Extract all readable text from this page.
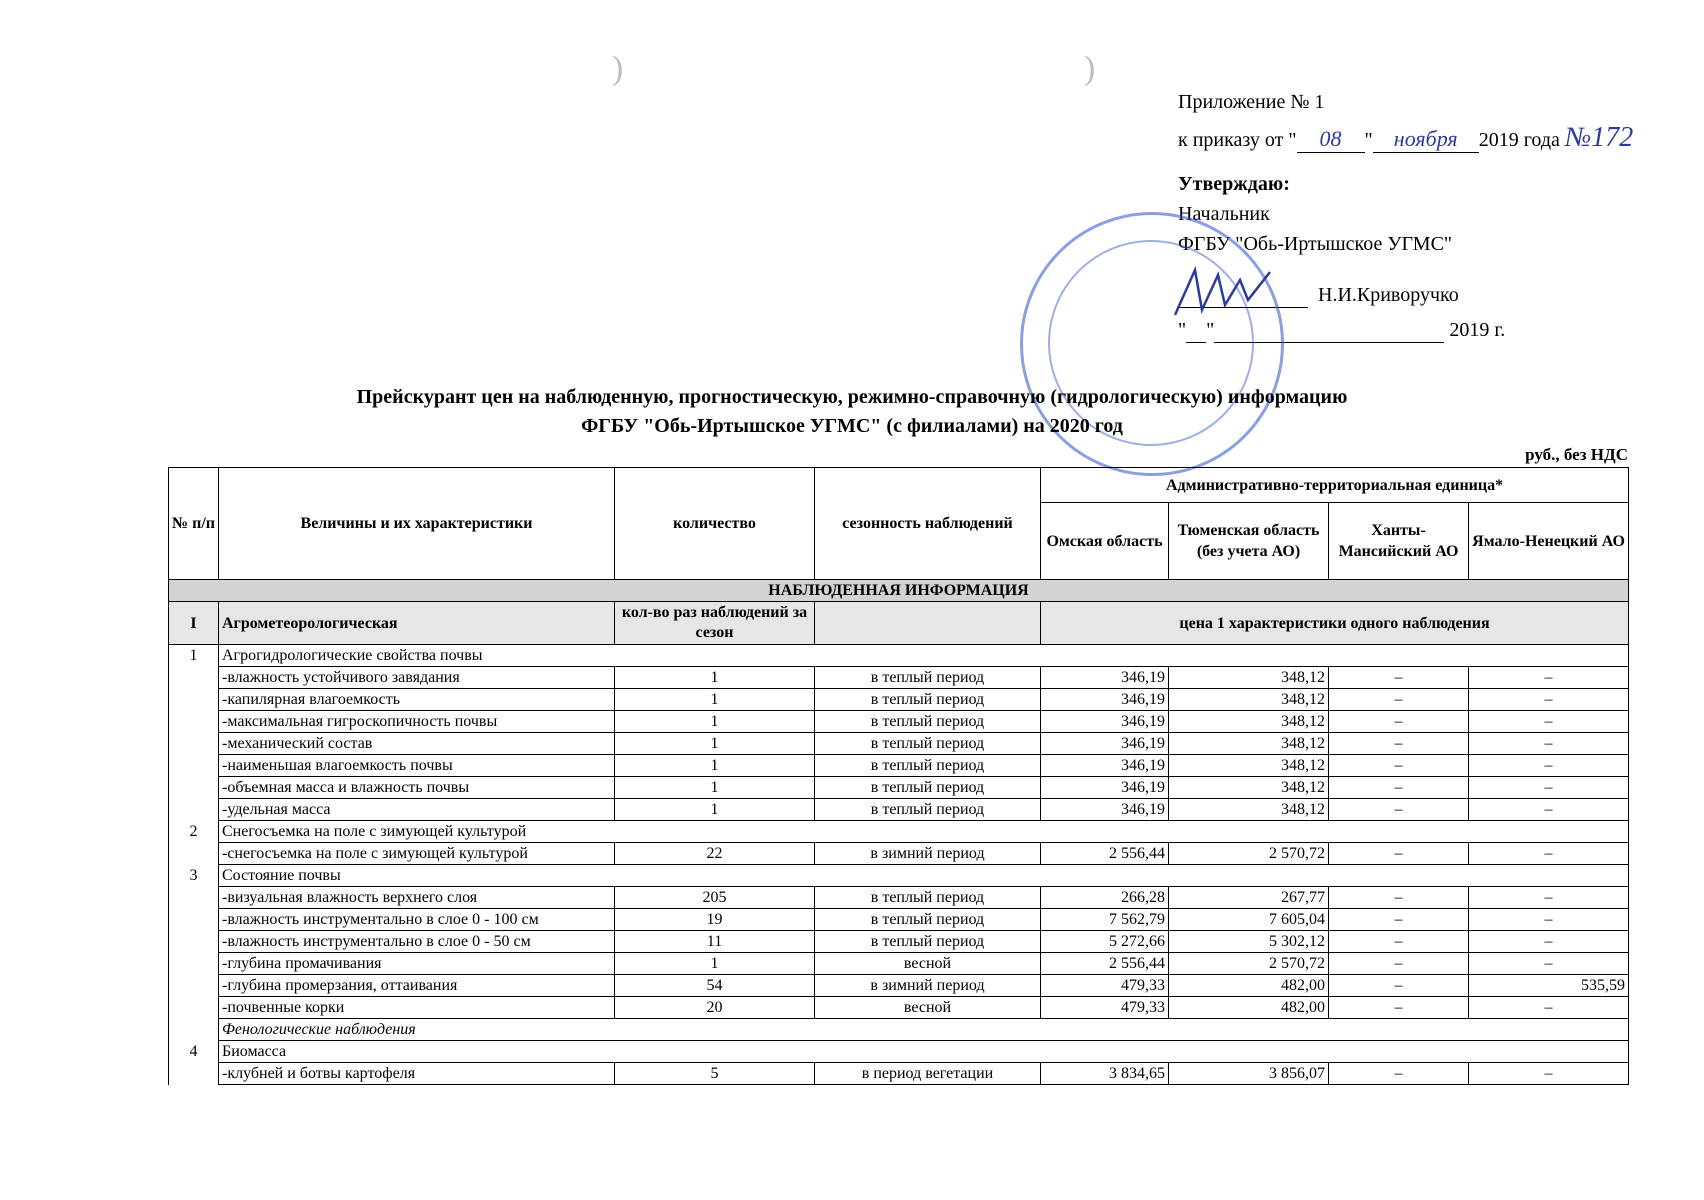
)	)
Приложение № 1
к приказу от " 08 " ноября 2019 года №172
Утверждаю:
Начальник
ФГБУ "Обь-Иртышское УГМС"
Н.И.Криворучко
" "	2019 г.
Прейскурант цен на наблюденную, прогностическую, режимно-справочную (гидрологическую) информацию
ФГБУ "Обь-Иртышское УГМС" (с филиалами) на 2020 год
руб., без НДС
№ п/п	Величины и их характеристики	количество	сезонность наблюдений	Административно-территориальная единица*			
				Омская область	Тюменская область (без учета АО)	Ханты-Мансийский АО	Ямало-Ненецкий АО
НАБЛЮДЕННАЯ ИНФОРМАЦИЯ							
I	Агрометеорологическая	кол-во раз наблюдений за сезон		цена 1 характеристики одного наблюдения			
1	Агрогидрологические свойства почвы						
	-влажность устойчивого завядания	1	в теплый период	346,19	348,12	–	–
	-капилярная влагоемкость	1	в теплый период	346,19	348,12	–	–
	-максимальная гигроскопичность почвы	1	в теплый период	346,19	348,12	–	–
	-механический состав	1	в теплый период	346,19	348,12	–	–
	-наименьшая влагоемкость почвы	1	в теплый период	346,19	348,12	–	–
	-объемная масса и влажность почвы	1	в теплый период	346,19	348,12	–	–
	-удельная масса	1	в теплый период	346,19	348,12	–	–
2	Снегосъемка на поле с зимующей культурой						
	-снегосъемка на поле с зимующей культурой	22	в зимний период	2 556,44	2 570,72	–	–
3	Состояние почвы						
	-визуальная влажность верхнего слоя	205	в теплый период	266,28	267,77	–	–
	-влажность инструментально в слое 0 - 100 см	19	в теплый период	7 562,79	7 605,04	–	–
	-влажность инструментально в слое 0 - 50 см	11	в теплый период	5 272,66	5 302,12	–	–
	-глубина промачивания	1	весной	2 556,44	2 570,72	–	–
	-глубина промерзания, оттаивания	54	в зимний период	479,33	482,00	–	535,59
	-почвенные корки	20	весной	479,33	482,00	–	–
	Фенологические наблюдения						
4	Биомасса						
	-клубней и ботвы картофеля	5	в период вегетации	3 834,65	3 856,07	–	–
